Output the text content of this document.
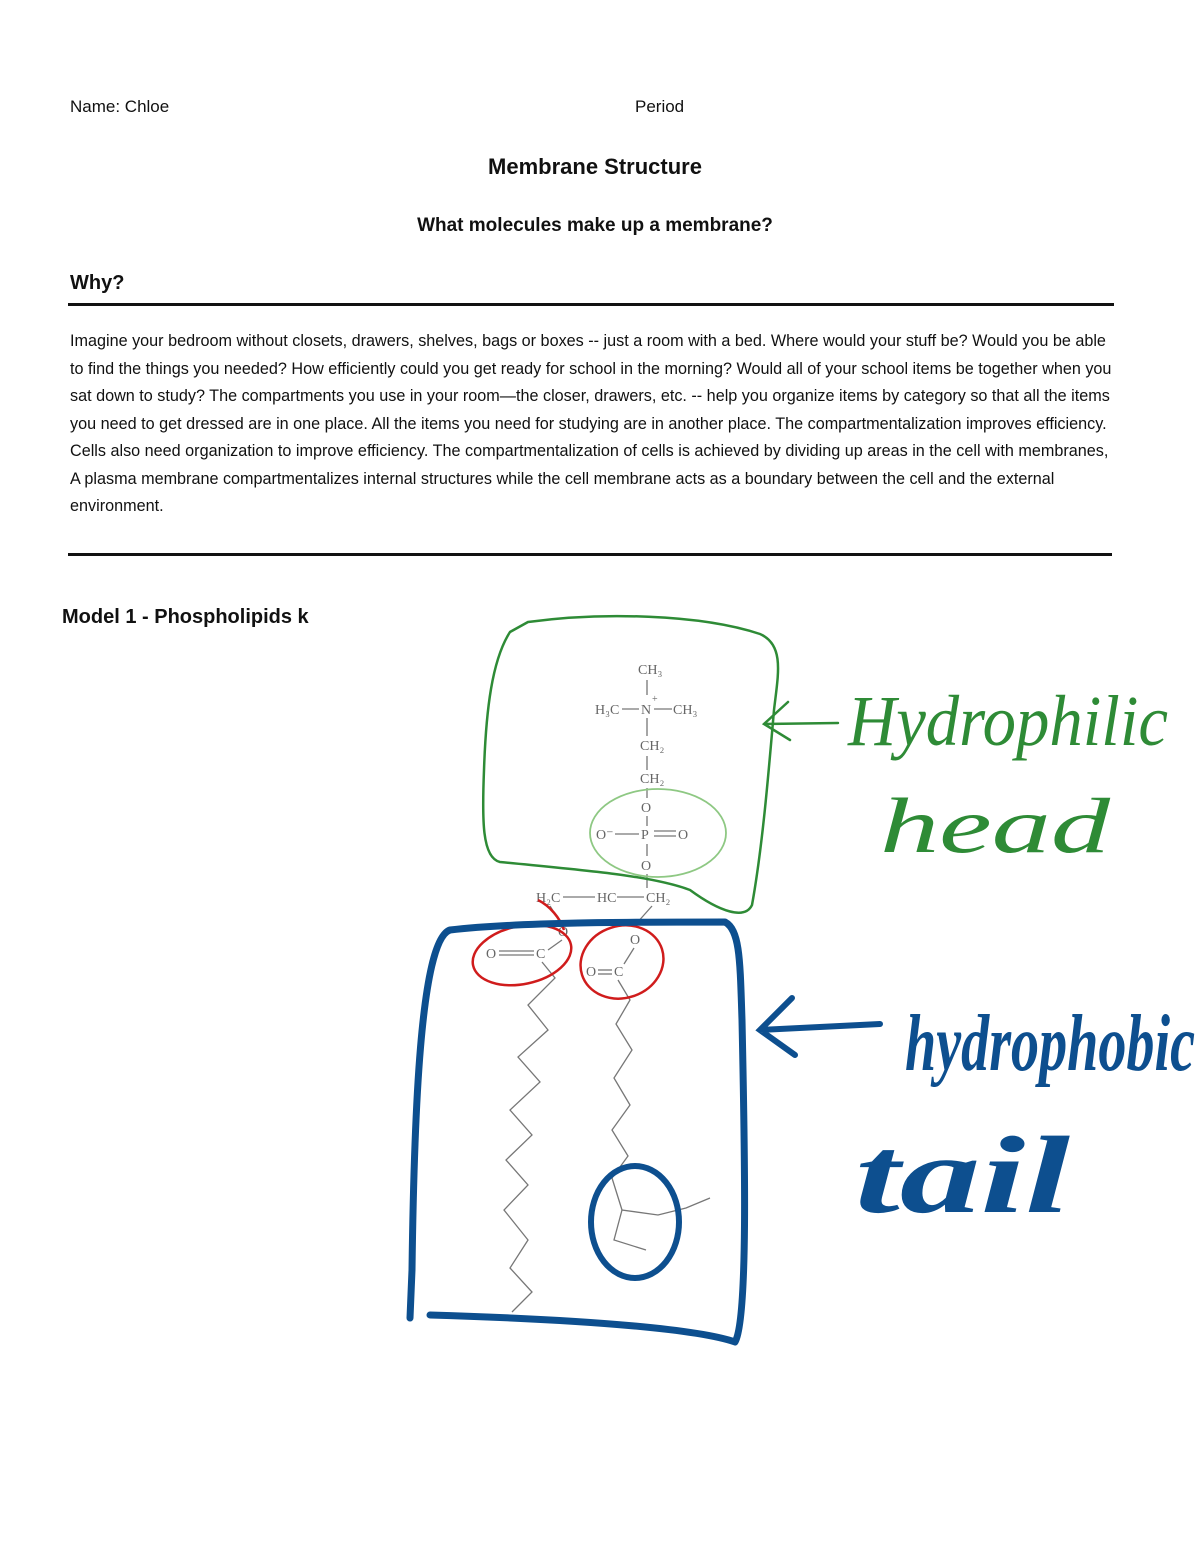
Name: Chloe	Period
Membrane Structure
What molecules make up a membrane?
Why?
Imagine your bedroom without closets, drawers, shelves, bags or boxes -- just a room with a bed. Where would your stuff be? Would you be able to find the things you needed? How efficiently could you get ready for school in the morning? Would all of your school items be together when you sat down to study? The compartments you use in your room—the closer, drawers, etc. -- help you organize items by category so that all the items you need to get dressed are in one place. All the items you need for studying are in another place. The compartmentalization improves efficiency. Cells also need organization to improve efficiency. The compartmentalization of cells is achieved by dividing up areas in the cell with membranes, A plasma membrane compartmentalizes internal structures while the cell membrane acts as a boundary between the cell and the external environment.
Model 1 - Phospholipids k
CH₃
H₃C N
+
CH₃
CH₂
CH₂
O
O⁻ P O
O
H₂C	HC CH₂
O
O
O	C
O C
Hydrophilic
head
hydrophobic
tail
